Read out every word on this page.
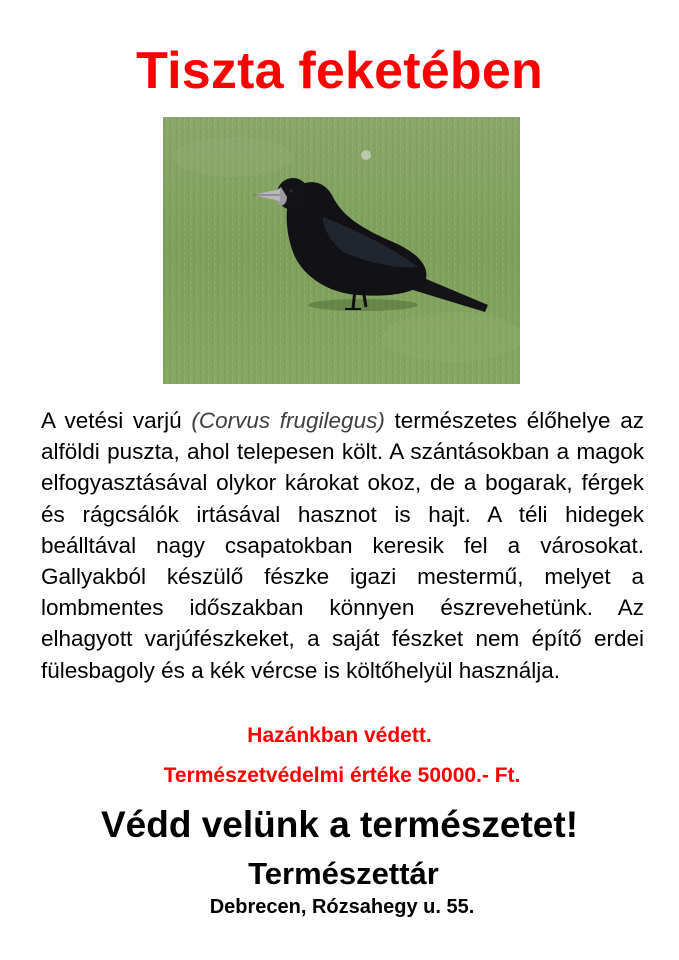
Tiszta feketében
A vetési varjú (Corvus frugilegus) természetes élőhelye az alföldi puszta, ahol telepesen költ. A szántásokban a magok elfogyasztásával olykor károkat okoz, de a bogarak, férgek és rágcsálók irtásával hasznot is hajt. A téli hidegek beálltával nagy csapatokban keresik fel a városokat. Gallyakból készülő fészke igazi mestermű, melyet a lombmentes időszakban könnyen észrevehetünk. Az elhagyott varjúfészkeket, a saját fészket nem építő erdei fülesbagoly és a kék vércse is költőhelyül használja.
Hazánkban védett.
Természetvédelmi értéke 50000.- Ft.
Védd velünk a természetet!
Természettár
Debrecen, Rózsahegy u. 55.
